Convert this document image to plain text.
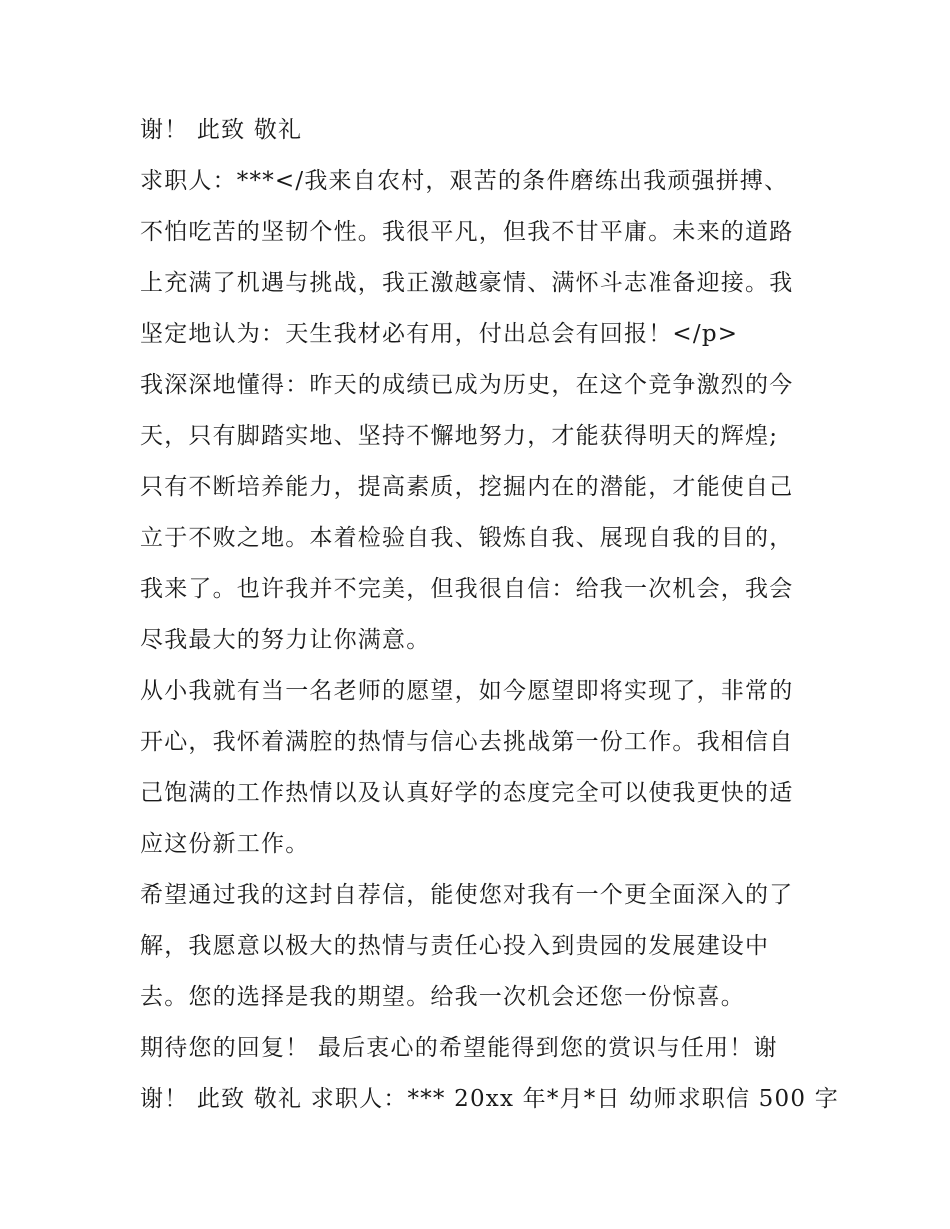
谢！ 此致 敬礼
求职人：***</我来自农村，艰苦的条件磨练出我顽强拼搏、
不怕吃苦的坚韧个性。我很平凡，但我不甘平庸。未来的道路
上充满了机遇与挑战，我正激越豪情、满怀斗志准备迎接。我
坚定地认为：天生我材必有用，付出总会有回报！</p>
我深深地懂得：昨天的成绩已成为历史，在这个竞争激烈的今
天，只有脚踏实地、坚持不懈地努力，才能获得明天的辉煌;
只有不断培养能力，提高素质，挖掘内在的潜能，才能使自己
立于不败之地。本着检验自我、锻炼自我、展现自我的目的，
我来了。也许我并不完美，但我很自信：给我一次机会，我会
尽我最大的努力让你满意。
从小我就有当一名老师的愿望，如今愿望即将实现了，非常的
开心，我怀着满腔的热情与信心去挑战第一份工作。我相信自
己饱满的工作热情以及认真好学的态度完全可以使我更快的适
应这份新工作。
希望通过我的这封自荐信，能使您对我有一个更全面深入的了
解，我愿意以极大的热情与责任心投入到贵园的发展建设中
去。您的选择是我的期望。给我一次机会还您一份惊喜。
期待您的回复！ 最后衷心的希望能得到您的赏识与任用！谢
谢！ 此致 敬礼 求职人：*** 20xx 年*月*日 幼师求职信 500 字
